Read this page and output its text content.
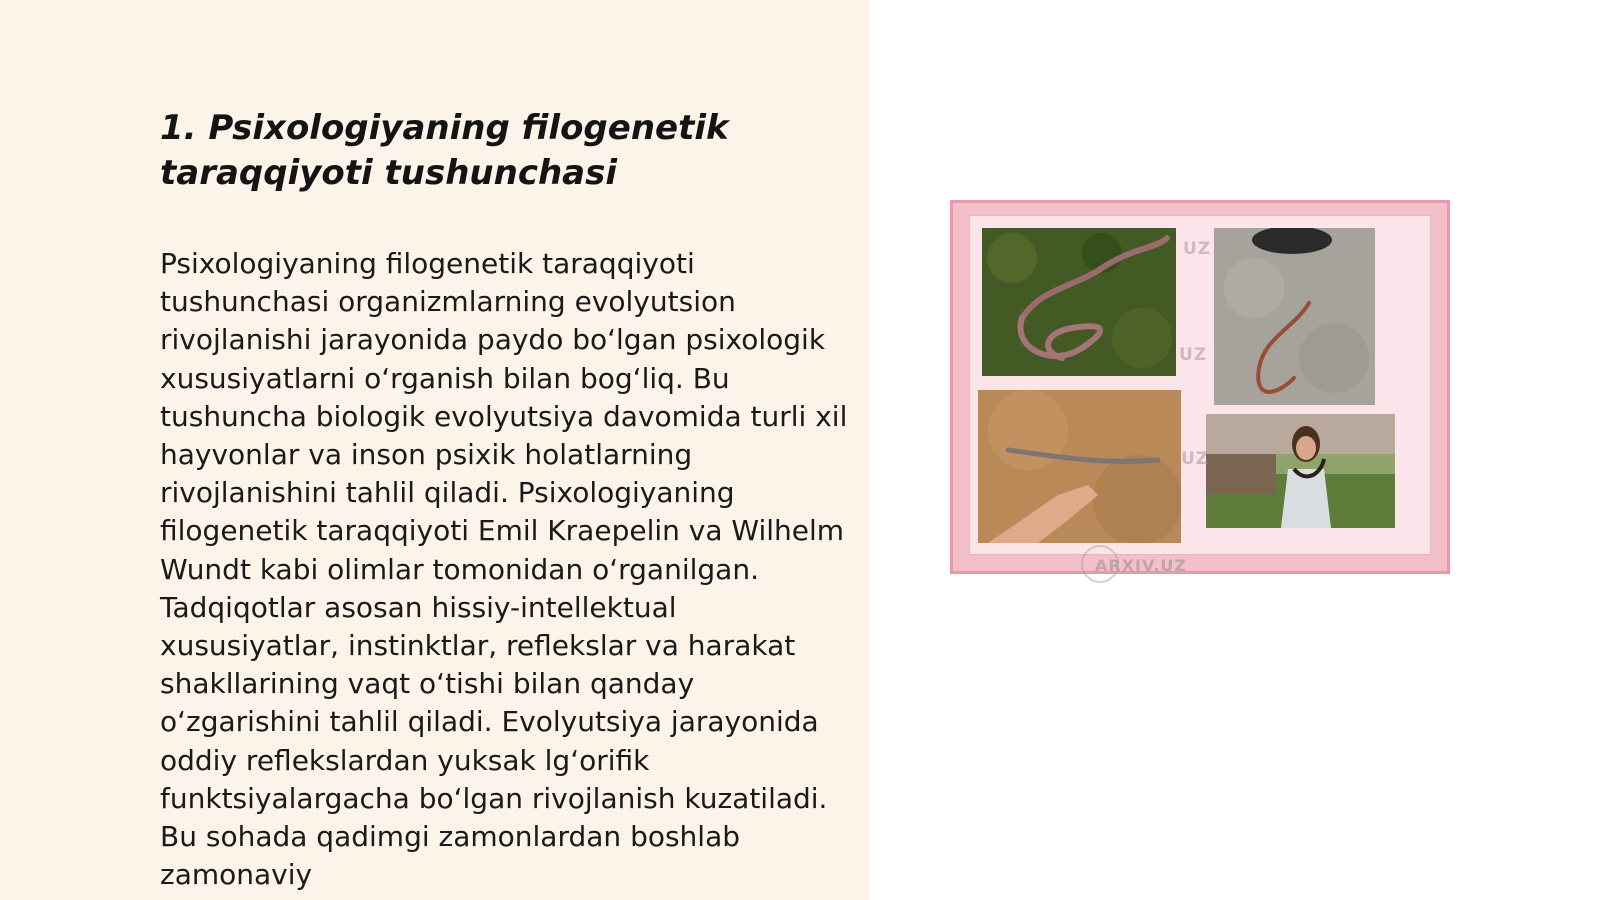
1. Psixologiyaning filogenetik taraqqiyoti tushunchasi

Psixologiyaning filogenetik taraqqiyoti tushunchasi organizmlarning evolyutsion rivojlanishi jarayonida paydo bo‘lgan psixologik xususiyatlarni o‘rganish bilan bog‘liq. Bu tushuncha biologik evolyutsiya davomida turli xil hayvonlar va inson psixik holatlarning rivojlanishini tahlil qiladi. Psixologiyaning filogenetik taraqqiyoti Emil Kraepelin va Wilhelm Wundt kabi olimlar tomonidan o‘rganilgan. Tadqiqotlar asosan hissiy-intellektual xususiyatlar, instinktlar, reflekslar va harakat shakllarining vaqt o‘tishi bilan qanday o‘zgarishini tahlil qiladi. Evolyutsiya jarayonida oddiy reflekslardan yuksak lg‘orifik funktsiyalargacha bo‘lgan rivojlanish kuzatiladi. Bu sohada qadimgi zamonlardan boshlab zamonaviy

UZ
UZ
UZ
ARXIV.UZ
